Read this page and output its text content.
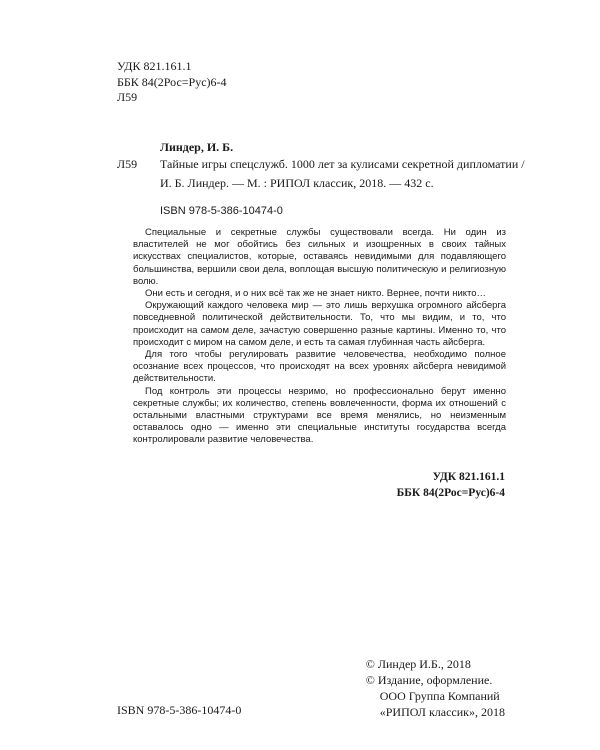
УДК 821.161.1
ББК 84(2Рос=Рус)6-4
Л59
Линдер, И. Б.
Л59 Тайные игры спецслужб. 1000 лет за кулисами секретной дипломатии /
И. Б. Линдер. — М. : РИПОЛ классик, 2018. — 432 с.
ISBN 978-5-386-10474-0

Специальные и секретные службы существовали всегда. Ни один из властителей не мог обойтись без сильных и изощренных в своих тайных искусствах специалистов, которые, оставаясь невидимыми для подавляющего большинства, вершили свои дела, воплощая высшую политическую и религиозную волю.

Они есть и сегодня, и о них всё так же не знает никто. Вернее, почти никто…

Окружающий каждого человека мир — это лишь верхушка огромного айсберга повседневной политической действительности. То, что мы видим, и то, что происходит на самом деле, зачастую совершенно разные картины. Именно то, что происходит с миром на самом деле, и есть та самая глубинная часть айсберга.

Для того чтобы регулировать развитие человечества, необходимо полное осознание всех процессов, что происходят на всех уровнях айсберга невидимой действительности.

Под контроль эти процессы незримо, но профессионально берут именно секретные службы; их количество, степень вовлеченности, форма их отношений с остальными властными структурами все время менялись, но неизменным оставалось одно — именно эти специальные институты государства всегда контролировали развитие человечества.

УДК 821.161.1
ББК 84(2Рос=Рус)6-4
© Линдер И.Б., 2018
© Издание, оформление.
ООО Группа Компаний
«РИПОЛ классик», 2018
ISBN 978-5-386-10474-0
